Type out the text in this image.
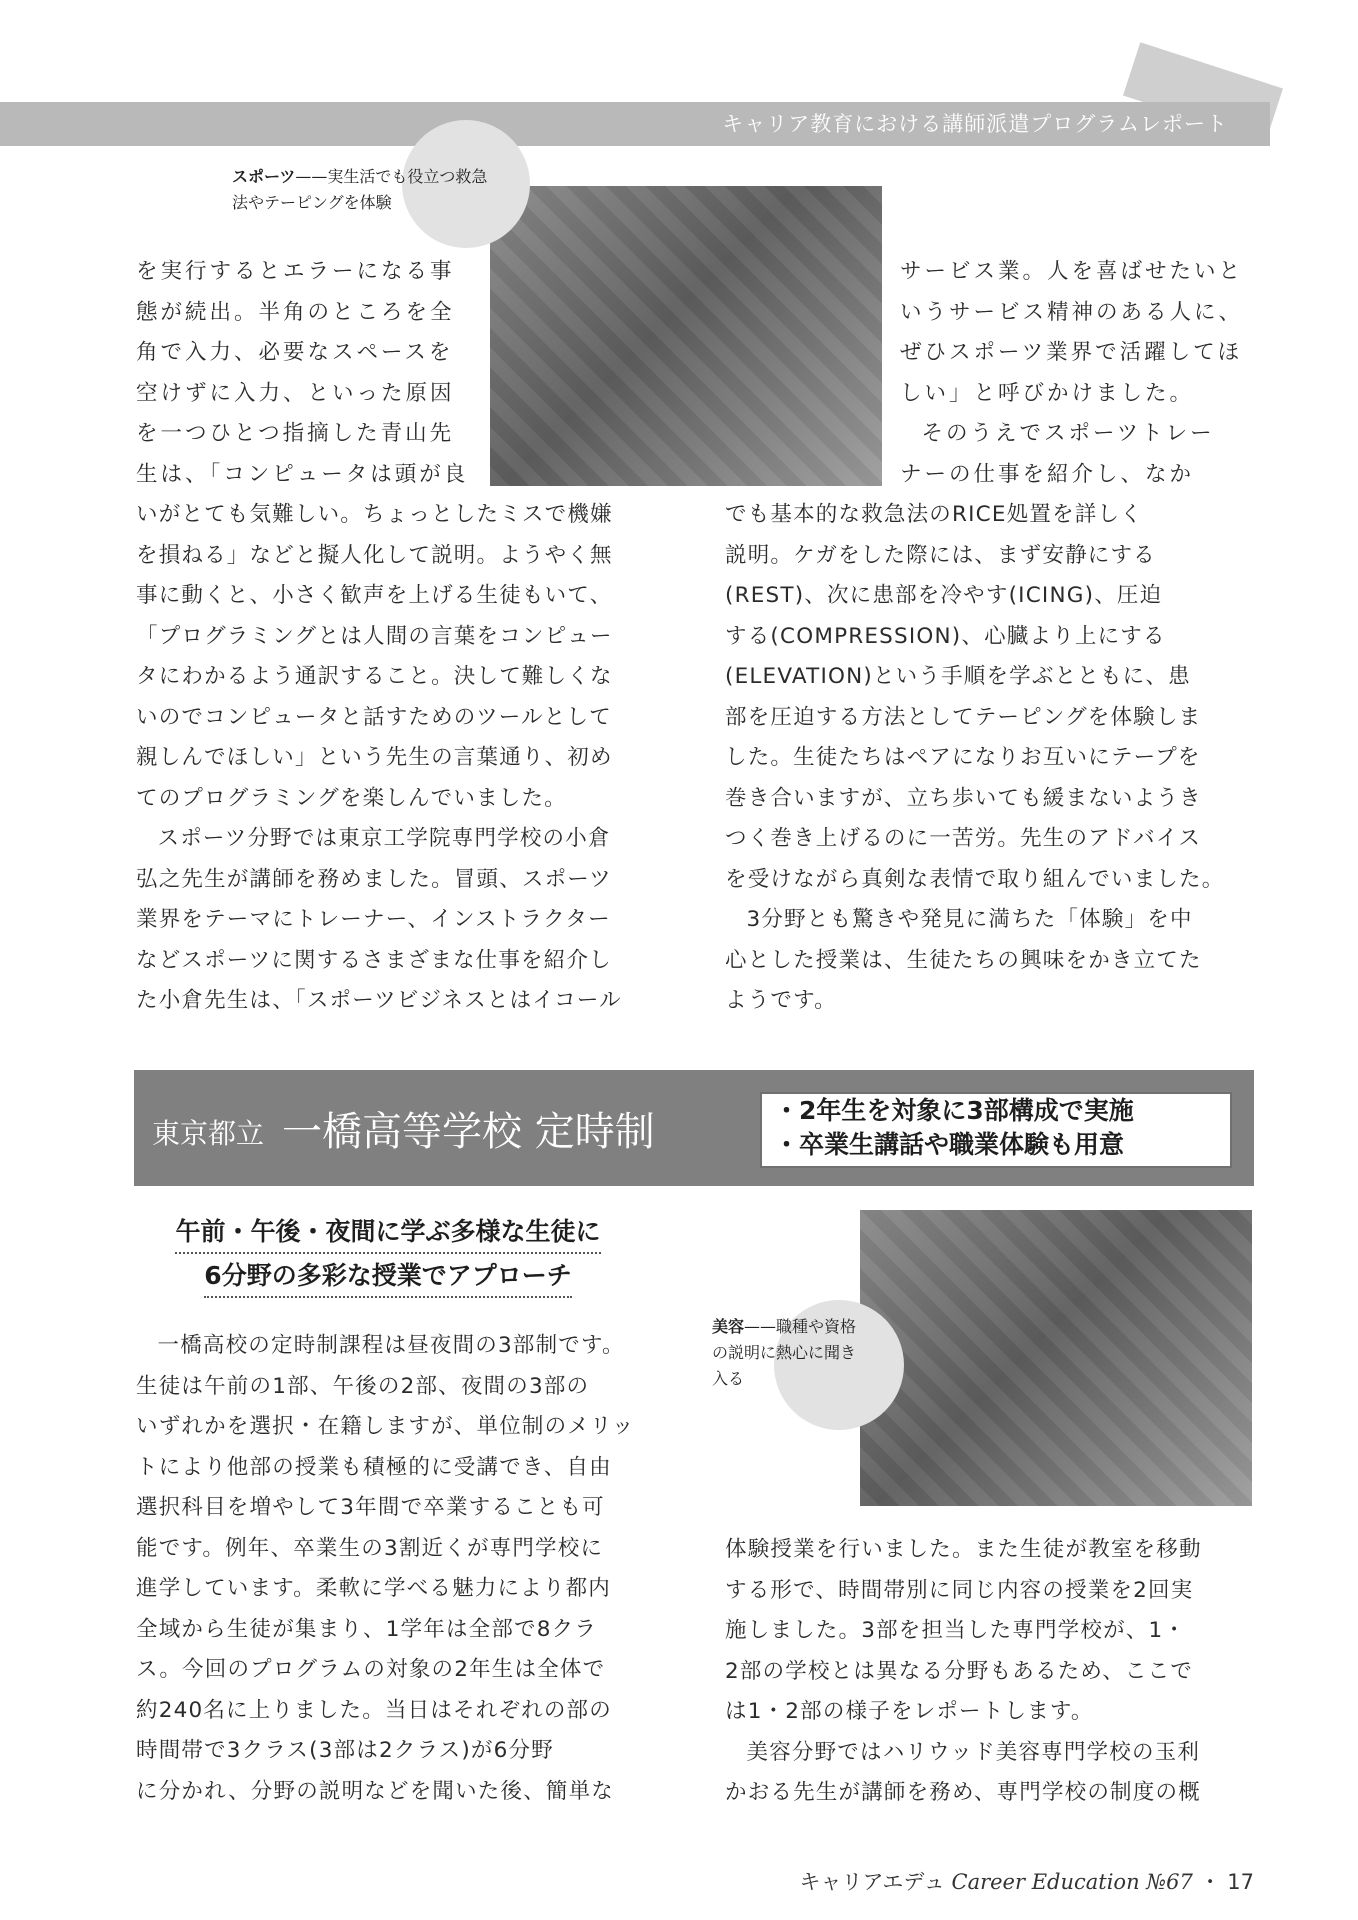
キャリア教育における講師派遣プログラムレポート
スポーツ——実生活でも役立つ救急
法やテーピングを体験

を実行するとエラーになる事

態が続出。半角のところを全

角で入力、必要なスペースを

空けずに入力、といった原因

を一つひとつ指摘した青山先

生は、「コンピュータは頭が良

いがとても気難しい。ちょっとしたミスで機嫌

を損ねる」などと擬人化して説明。ようやく無

事に動くと、小さく歓声を上げる生徒もいて、

「プログラミングとは人間の言葉をコンピュー

タにわかるよう通訳すること。決して難しくな

いのでコンピュータと話すためのツールとして

親しんでほしい」という先生の言葉通り、初め

てのプログラミングを楽しんでいました。

スポーツ分野では東京工学院専門学校の小倉

弘之先生が講師を務めました。冒頭、スポーツ

業界をテーマにトレーナー、インストラクター

などスポーツに関するさまざまな仕事を紹介し

た小倉先生は、「スポーツビジネスとはイコール

サービス業。人を喜ばせたいと

いうサービス精神のある人に、

ぜひスポーツ業界で活躍してほ

しい」と呼びかけました。

そのうえでスポーツトレー

ナーの仕事を紹介し、なか

でも基本的な救急法のRICE処置を詳しく

説明。ケガをした際には、まず安静にする

(REST)、次に患部を冷やす(ICING)、圧迫

する(COMPRESSION)、心臓より上にする

(ELEVATION)という手順を学ぶとともに、患

部を圧迫する方法としてテーピングを体験しま

した。生徒たちはペアになりお互いにテープを

巻き合いますが、立ち歩いても緩まないようき

つく巻き上げるのに一苦労。先生のアドバイス

を受けながら真剣な表情で取り組んでいました。

3分野とも驚きや発見に満ちた「体験」を中

心とした授業は、生徒たちの興味をかき立てた

ようです。

東京都立 一橋高等学校 定時制	・2年生を対象に3部構成で実施
・卒業生講話や職業体験も用意
午前・午後・夜間に学ぶ多様な生徒に
6分野の多彩な授業でアプローチ
美容——職種や資格
の説明に熱心に聞き
入る

一橋高校の定時制課程は昼夜間の3部制です。

生徒は午前の1部、午後の2部、夜間の3部の

いずれかを選択・在籍しますが、単位制のメリッ

トにより他部の授業も積極的に受講でき、自由

選択科目を増やして3年間で卒業することも可

能です。例年、卒業生の3割近くが専門学校に

進学しています。柔軟に学べる魅力により都内

全域から生徒が集まり、1学年は全部で8クラ

ス。今回のプログラムの対象の2年生は全体で

約240名に上りました。当日はそれぞれの部の

時間帯で3クラス(3部は2クラス)が6分野

に分かれ、分野の説明などを聞いた後、簡単な

体験授業を行いました。また生徒が教室を移動

する形で、時間帯別に同じ内容の授業を2回実

施しました。3部を担当した専門学校が、1・

2部の学校とは異なる分野もあるため、ここで

は1・2部の様子をレポートします。

美容分野ではハリウッド美容専門学校の玉利

かおる先生が講師を務め、専門学校の制度の概

キャリアエデュ Career Education №67 ・ 17
